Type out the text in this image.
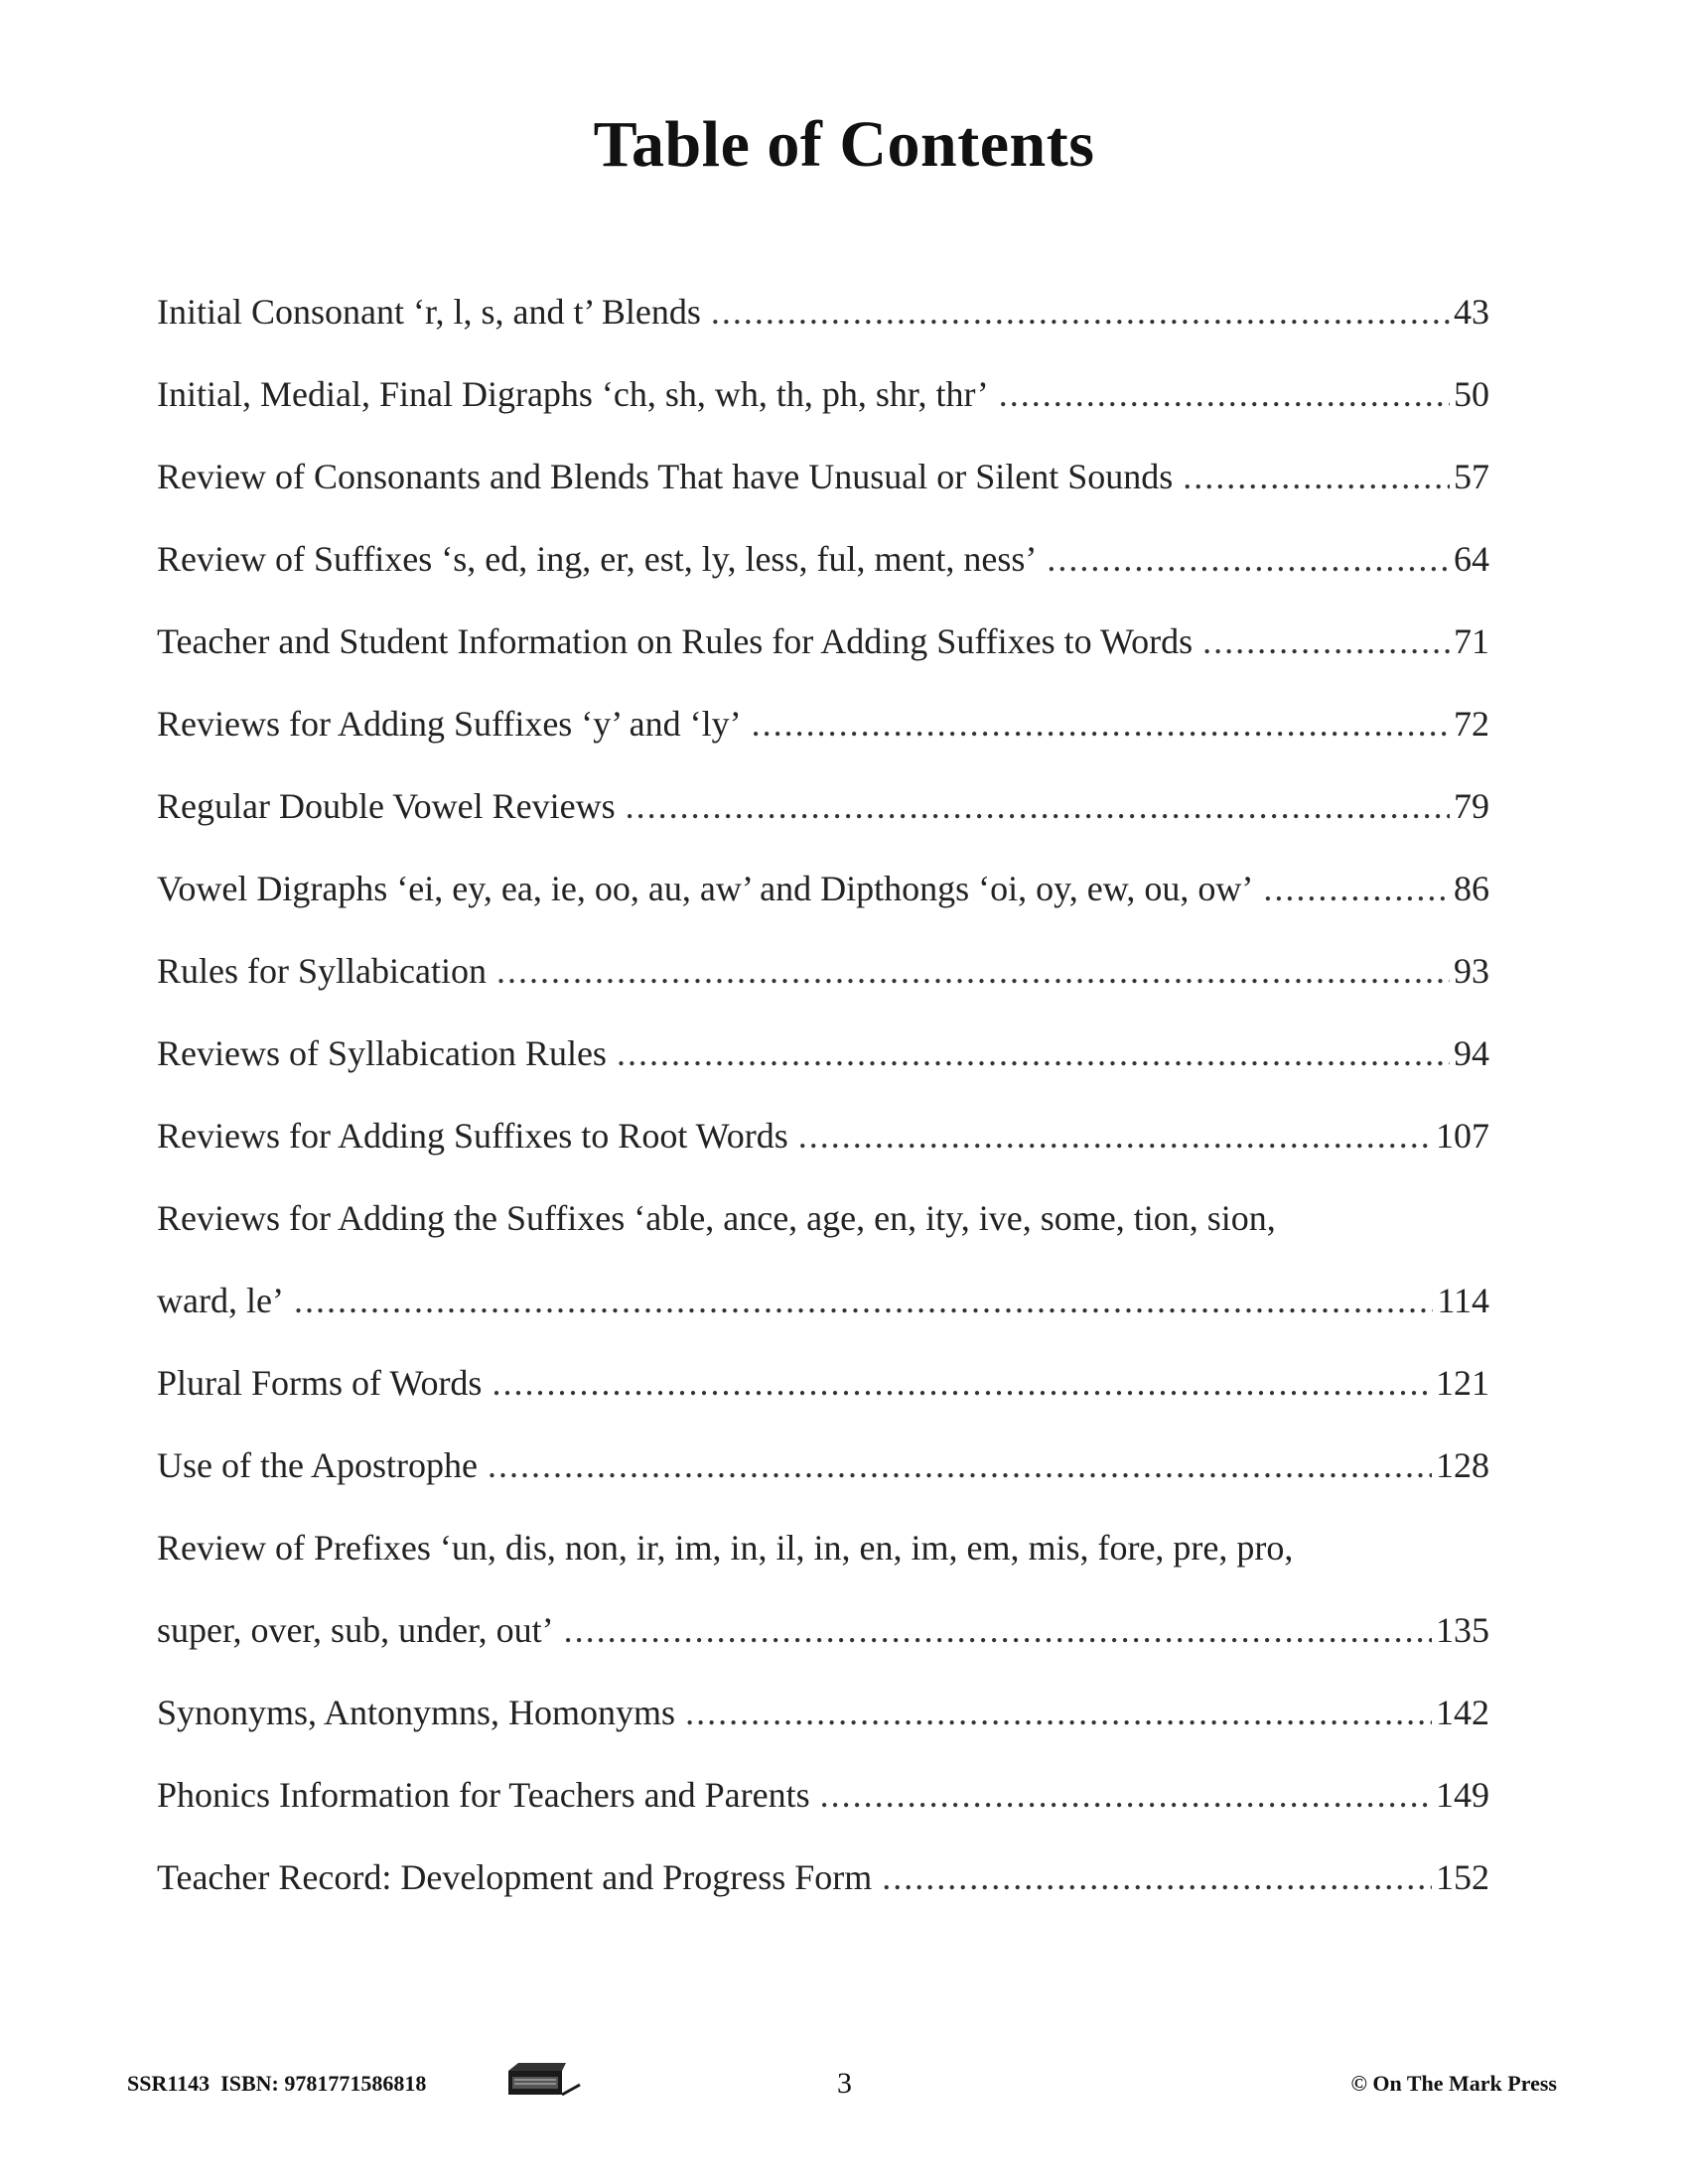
Table of Contents
Initial Consonant ‘r, l, s, and t’ Blends .....	43
Initial, Medial, Final Digraphs ‘ch, sh, wh, th, ph, shr, thr’ .....	50
Review of Consonants and Blends That have Unusual or Silent Sounds .....	57
Review of Suffixes ‘s, ed, ing, er, est, ly, less, ful, ment, ness’ .....	64
Teacher and Student Information on Rules for Adding Suffixes to Words .....	71
Reviews for Adding Suffixes ‘y’ and ‘ly’ .....	72
Regular Double Vowel Reviews .....	79
Vowel Digraphs ‘ei, ey, ea, ie, oo, au, aw’ and Dipthongs ‘oi, oy, ew, ou, ow’ .....	86
Rules for Syllabication .....	93
Reviews of Syllabication Rules .....	94
Reviews for Adding Suffixes to Root Words .....	107
Reviews for Adding the Suffixes ‘able, ance, age, en, ity, ive, some, tion, sion,
ward, le’ .....	114
Plural Forms of Words .....	121
Use of the Apostrophe .....	128
Review of Prefixes ‘un, dis, non, ir, im, in, il, in, en, im, em, mis, fore, pre, pro,
super, over, sub, under, out’ .....	135
Synonyms, Antonymns, Homonyms .....	142
Phonics Information for Teachers and Parents .....	149
Teacher Record: Development and Progress Form .....	152
SSR1143 ISBN: 9781771586818	3	© On The Mark Press
